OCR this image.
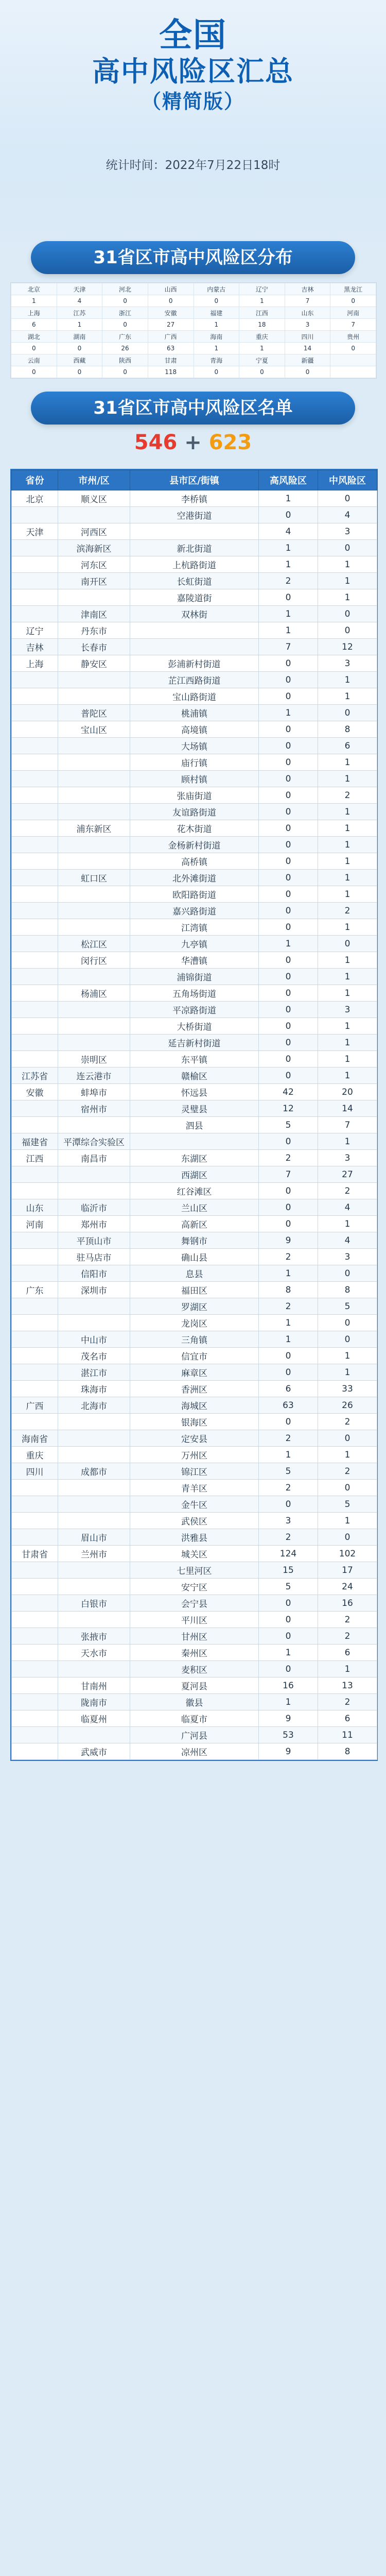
全国
高中风险区汇总
（精简版）
统计时间：2022年7月22日18时
31省区市高中风险区分布
北京	天津	河北	山西	内蒙古	辽宁	吉林	黑龙江
1	4	0	0	0	1	7	0
上海	江苏	浙江	安徽	福建	江西	山东	河南
6	1	0	27	1	18	3	7
湖北	湖南	广东	广西	海南	重庆	四川	贵州
0	0	26	63	1	1	14	0
云南	西藏	陕西	甘肃	青海	宁夏	新疆	
0	0	0	118	0	0	0	
31省区市高中风险区名单
546 + 623
省份	市州/区	县市区/街镇	高风险区	中风险区
北京	顺义区	李桥镇	1	0
		空港街道	0	4
天津	河西区		4	3
	滨海新区	新北街道	1	0
	河东区	上杭路街道	1	1
	南开区	长虹街道	2	1
		嘉陵道街	0	1
	津南区	双林街	1	0
辽宁	丹东市		1	0
吉林	长春市		7	12
上海	静安区	彭浦新村街道	0	3
		芷江西路街道	0	1
		宝山路街道	0	1
	普陀区	桃浦镇	1	0
	宝山区	高境镇	0	8
		大场镇	0	6
		庙行镇	0	1
		顾村镇	0	1
		张庙街道	0	2
		友谊路街道	0	1
	浦东新区	花木街道	0	1
		金杨新村街道	0	1
		高桥镇	0	1
	虹口区	北外滩街道	0	1
		欧阳路街道	0	1
		嘉兴路街道	0	2
		江湾镇	0	1
	松江区	九亭镇	1	0
	闵行区	华漕镇	0	1
		浦锦街道	0	1
	杨浦区	五角场街道	0	1
		平凉路街道	0	3
		大桥街道	0	1
		延吉新村街道	0	1
	崇明区	东平镇	0	1
江苏省	连云港市	赣榆区	0	1
安徽	蚌埠市	怀远县	42	20
	宿州市	灵璧县	12	14
		泗县	5	7
福建省	平潭综合实验区		0	1
江西	南昌市	东湖区	2	3
		西湖区	7	27
		红谷滩区	0	2
山东	临沂市	兰山区	0	4
河南	郑州市	高新区	0	1
	平顶山市	舞钢市	9	4
	驻马店市	确山县	2	3
	信阳市	息县	1	0
广东	深圳市	福田区	8	8
		罗湖区	2	5
		龙岗区	1	0
	中山市	三角镇	1	0
	茂名市	信宜市	0	1
	湛江市	麻章区	0	1
	珠海市	香洲区	6	33
广西	北海市	海城区	63	26
		银海区	0	2
海南省		定安县	2	0
重庆		万州区	1	1
四川	成都市	锦江区	5	2
		青羊区	2	0
		金牛区	0	5
		武侯区	3	1
	眉山市	洪雅县	2	0
甘肃省	兰州市	城关区	124	102
		七里河区	15	17
		安宁区	5	24
	白银市	会宁县	0	16
		平川区	0	2
	张掖市	甘州区	0	2
	天水市	秦州区	1	6
		麦积区	0	1
	甘南州	夏河县	16	13
	陇南市	徽县	1	2
	临夏州	临夏市	9	6
		广河县	53	11
	武威市	凉州区	9	8
